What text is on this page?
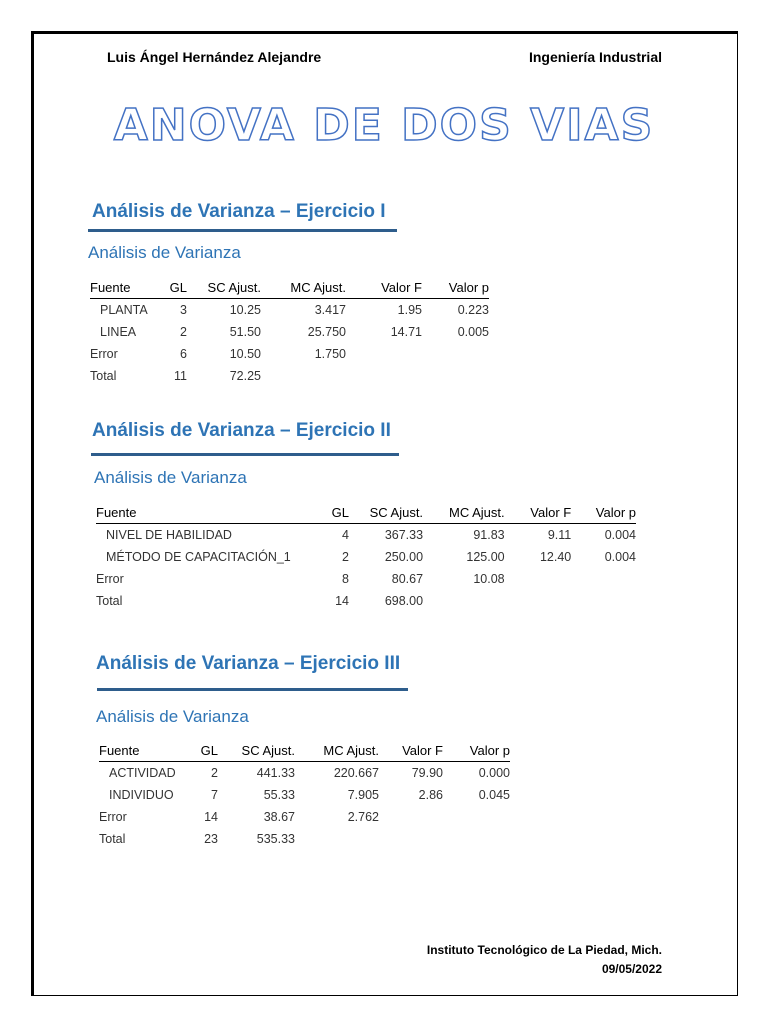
Luis Ángel Hernández Alejandre	Ingeniería Industrial
ANOVA DE DOS VIAS
Análisis de Varianza – Ejercicio I
Análisis de Varianza
Fuente	GL	SC Ajust.	MC Ajust.	Valor F	Valor p
PLANTA	3	10.25	3.417	1.95	0.223
LINEA	2	51.50	25.750	14.71	0.005
Error	6	10.50	1.750		
Total	11	72.25			
Análisis de Varianza – Ejercicio II
Análisis de Varianza
Fuente	GL	SC Ajust.	MC Ajust.	Valor F	Valor p
NIVEL DE HABILIDAD	4	367.33	91.83	9.11	0.004
MÉTODO DE CAPACITACIÓN_1	2	250.00	125.00	12.40	0.004
Error	8	80.67	10.08		
Total	14	698.00			
Análisis de Varianza – Ejercicio III
Análisis de Varianza
Fuente	GL	SC Ajust.	MC Ajust.	Valor F	Valor p
ACTIVIDAD	2	441.33	220.667	79.90	0.000
INDIVIDUO	7	55.33	7.905	2.86	0.045
Error	14	38.67	2.762		
Total	23	535.33			
Instituto Tecnológico de La Piedad, Mich.
09/05/2022
